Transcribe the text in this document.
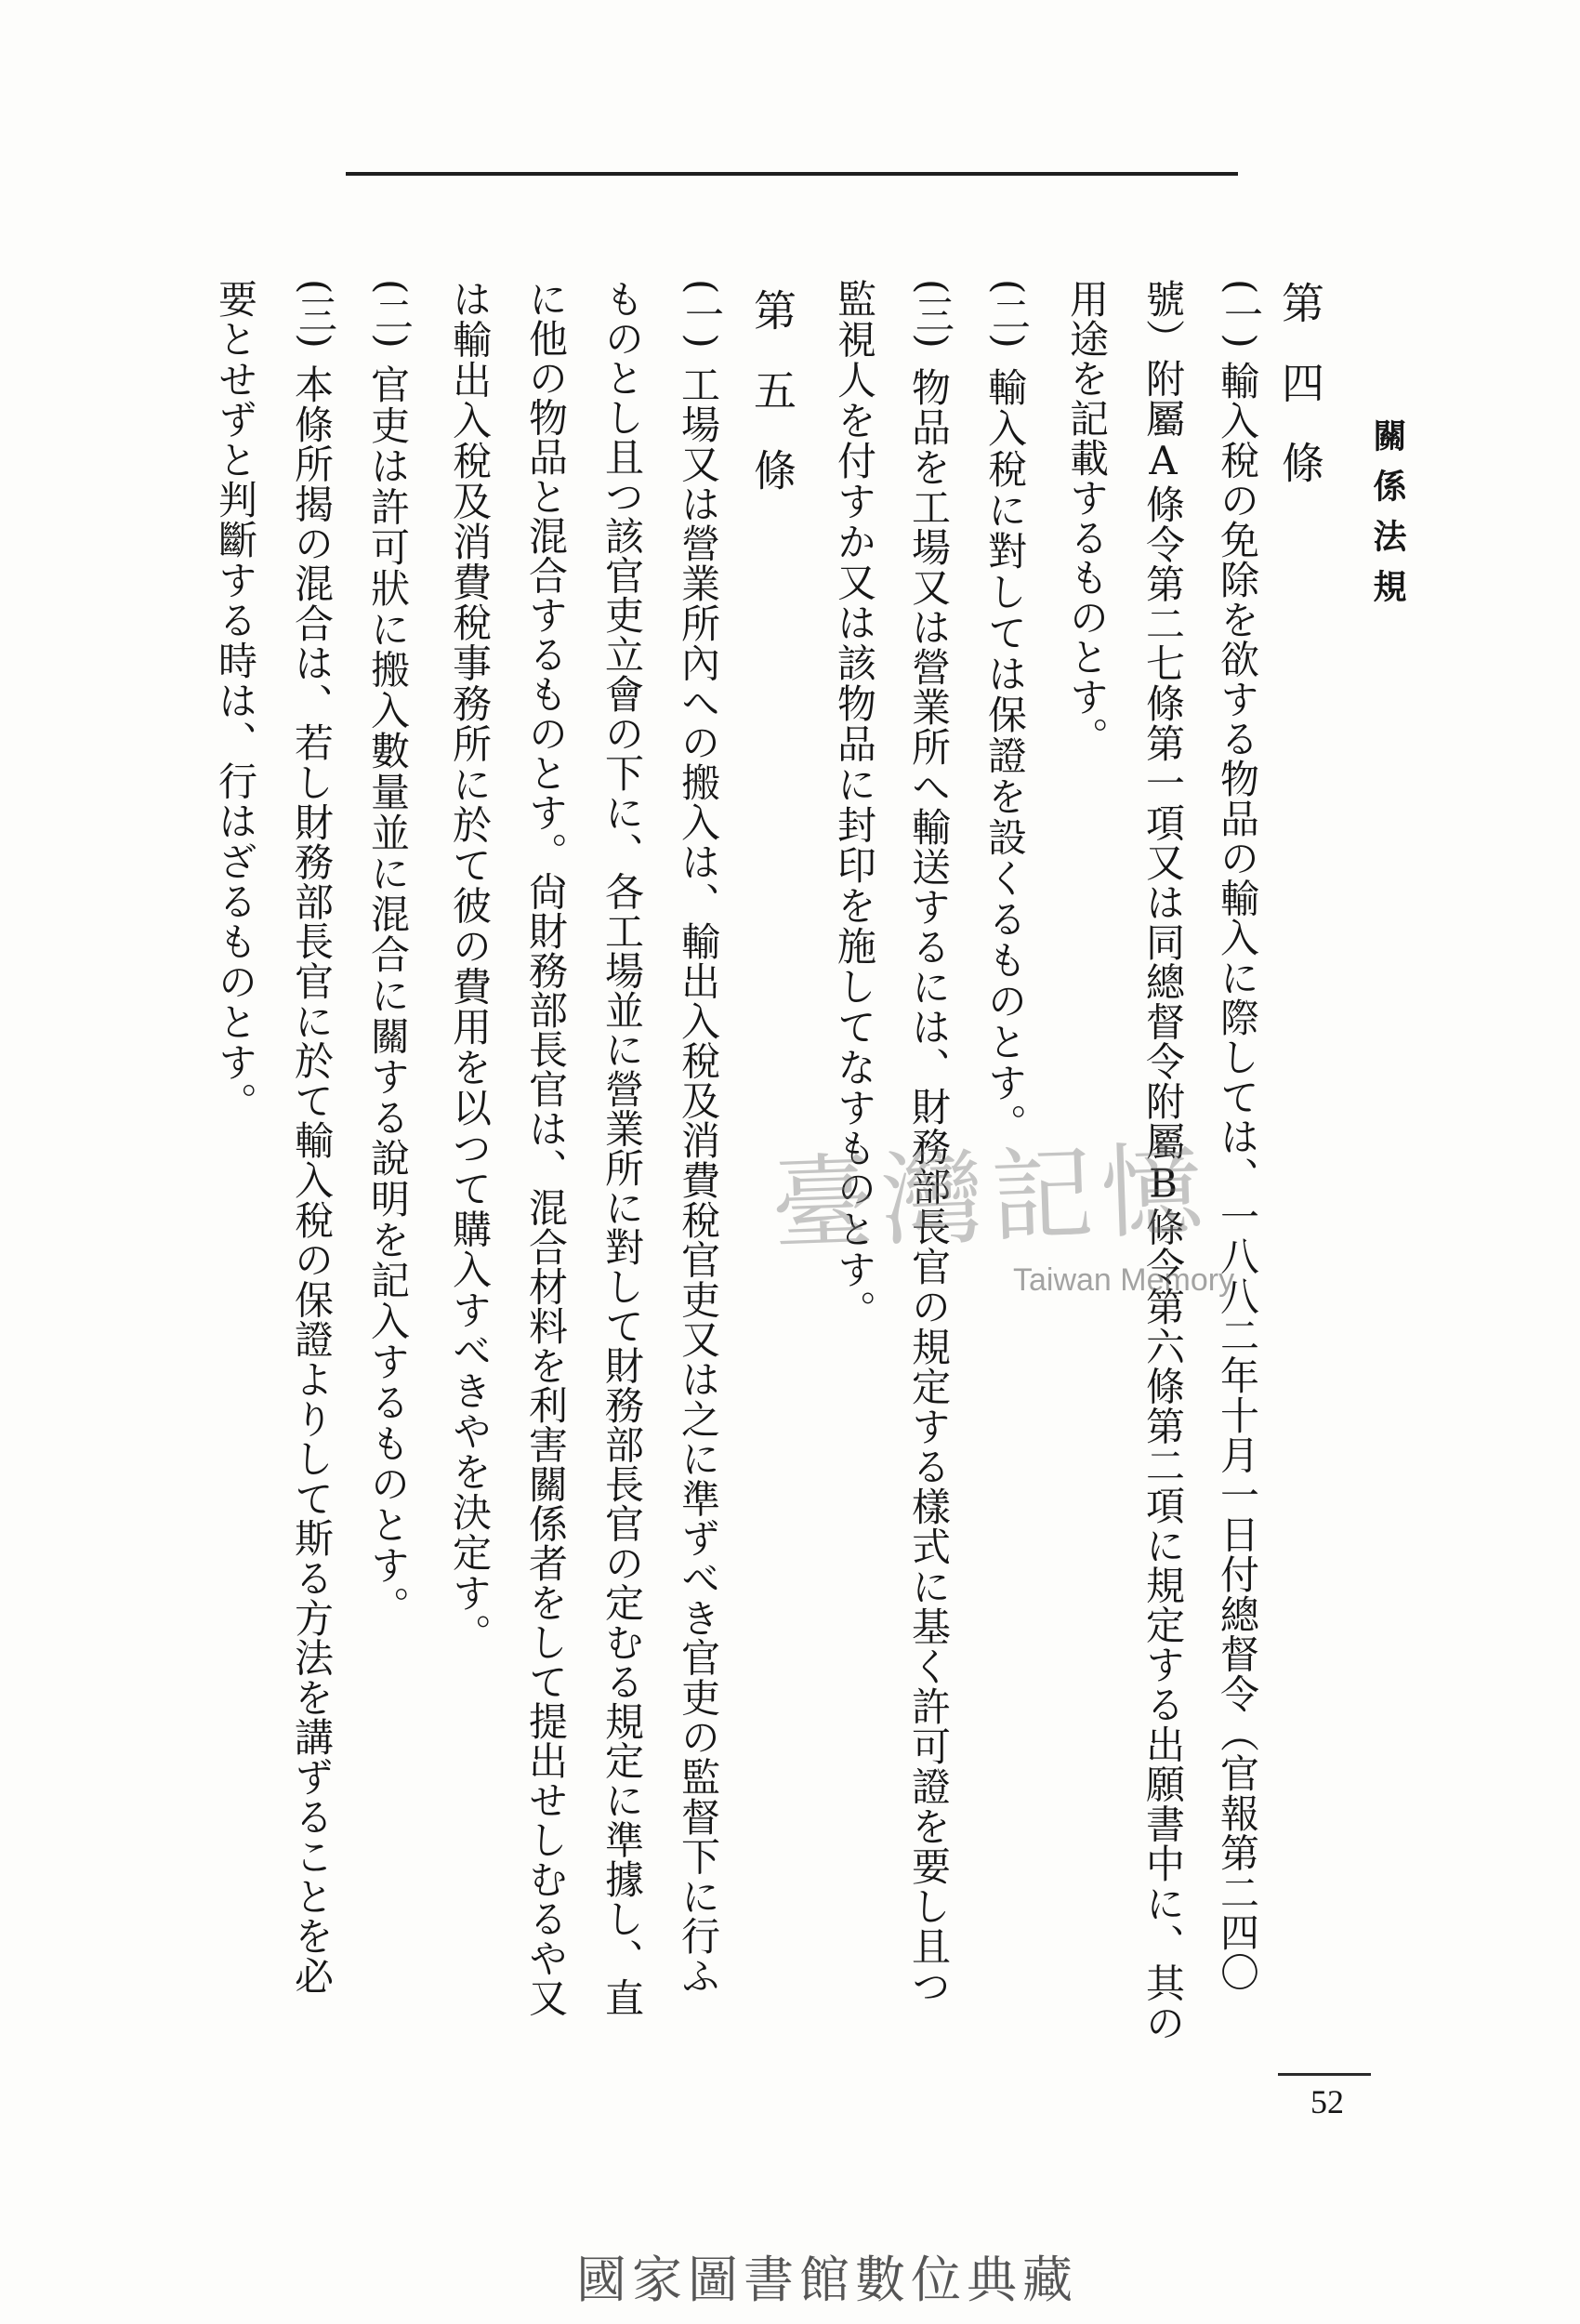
關係法規
第四條
(一)
輸入稅の免除を欲する物品の輸入に際しては、一八八二年十月一日付總督令（官報第二四〇
號）附屬A條令第二七條第一項又は同總督令附屬B條令第六條第二項に規定する出願書中に、其の
用途を記載するものとす。
(二)
輸入稅に對しては保證を設くるものとす。
(三)
物品を工場又は營業所へ輸送するには、財務部長官の規定する樣式に基く許可證を要し且つ
監視人を付すか又は該物品に封印を施してなすものとす。
第五條
(一)
工場又は營業所內への搬入は、輸出入稅及消費稅官吏又は之に準ずべき官吏の監督下に行ふ
ものとし且つ該官吏立會の下に、各工場並に營業所に對して財務部長官の定むる規定に準據し、直
に他の物品と混合するものとす。尙財務部長官は、混合材料を利害關係者をして提出せしむるや又
は輸出入稅及消費稅事務所に於て彼の費用を以つて購入すべきやを決定す。
(二)
官吏は許可狀に搬入數量並に混合に關する說明を記入するものとす。
(三)
本條所揭の混合は、若し財務部長官に於て輸入稅の保證よりして斯る方法を講ずることを必
要とせずと判斷する時は、行はざるものとす。
臺灣記憶
Taiwan Memory
52
國家圖書館數位典藏
